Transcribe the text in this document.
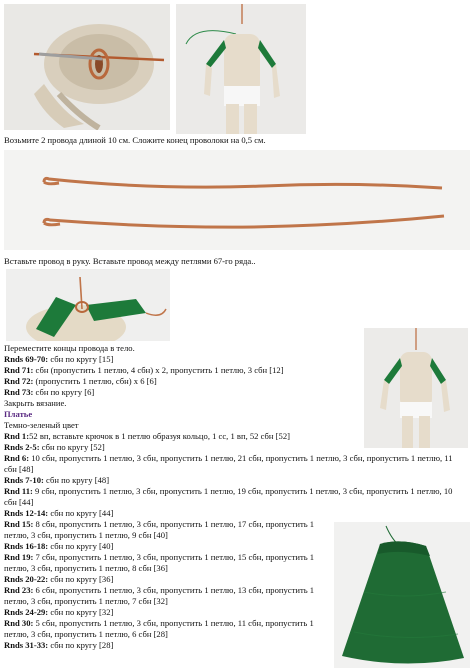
Возьмите 2 провода длиной 10 см. Сложите конец проволоки на 0,5 см.
Вставьте провод в руку. Вставьте провод между петлями 67-го ряда..
Переместите концы провода в тело.
Rnds 69-70: сбн по кругу [15]
Rnd 71: сбн (пропустить 1 петлю, 4 сбн) x 2, пропустить 1 петлю, 3 сбн [12]
Rnd 72: (пропустить 1 петлю, сбн) x 6 [6]
Rnd 73: сбн по кругу [6]
Закрыть вязание.
Платье
Темно-зеленый цвет
Rnd 1:52 вп, вставьте крючок в 1 петлю образуя кольцо, 1 сс, 1 вп, 52 сбн [52]
Rnds 2-5: сбн по кругу [52]
Rnd 6: 10 сбн, пропустить 1 петлю, 3 сбн, пропустить 1 петлю, 21 сбн, пропустить 1 петлю, 3 сбн, пропустить 1 петлю, 11 сбн [48]
Rnds 7-10: сбн по кругу [48]
Rnd 11: 9 сбн, пропустить 1 петлю, 3 сбн, пропустить 1 петлю, 19 сбн, пропустить 1 петлю, 3 сбн, пропустить 1 петлю, 10 сбн [44]
Rnds 12-14: сбн по кругу [44]
Rnd 15: 8 сбн, пропустить 1 петлю, 3 сбн, пропустить 1 петлю, 17 сбн, пропустить 1 петлю, 3 сбн, пропустить 1 петлю, 9 сбн [40]
Rnds 16-18: сбн по кругу [40]
Rnd 19: 7 сбн, пропустить 1 петлю, 3 сбн, пропустить 1 петлю, 15 сбн, пропустить 1 петлю, 3 сбн, пропустить 1 петлю, 8 сбн [36]
Rnds 20-22: сбн по кругу [36]
Rnd 23: 6 сбн, пропустить 1 петлю, 3 сбн, пропустить 1 петлю, 13 сбн, пропустить 1 петлю, 3 сбн, пропустить 1 петлю, 7 сбн [32]
Rnds 24-29: сбн по кругу [32]
Rnd 30: 5 сбн, пропустить 1 петлю, 3 сбн, пропустить 1 петлю, 11 сбн, пропустить 1 петлю, 3 сбн, пропустить 1 петлю, 6 сбн [28]
Rnds 31-33: сбн по кругу [28]
